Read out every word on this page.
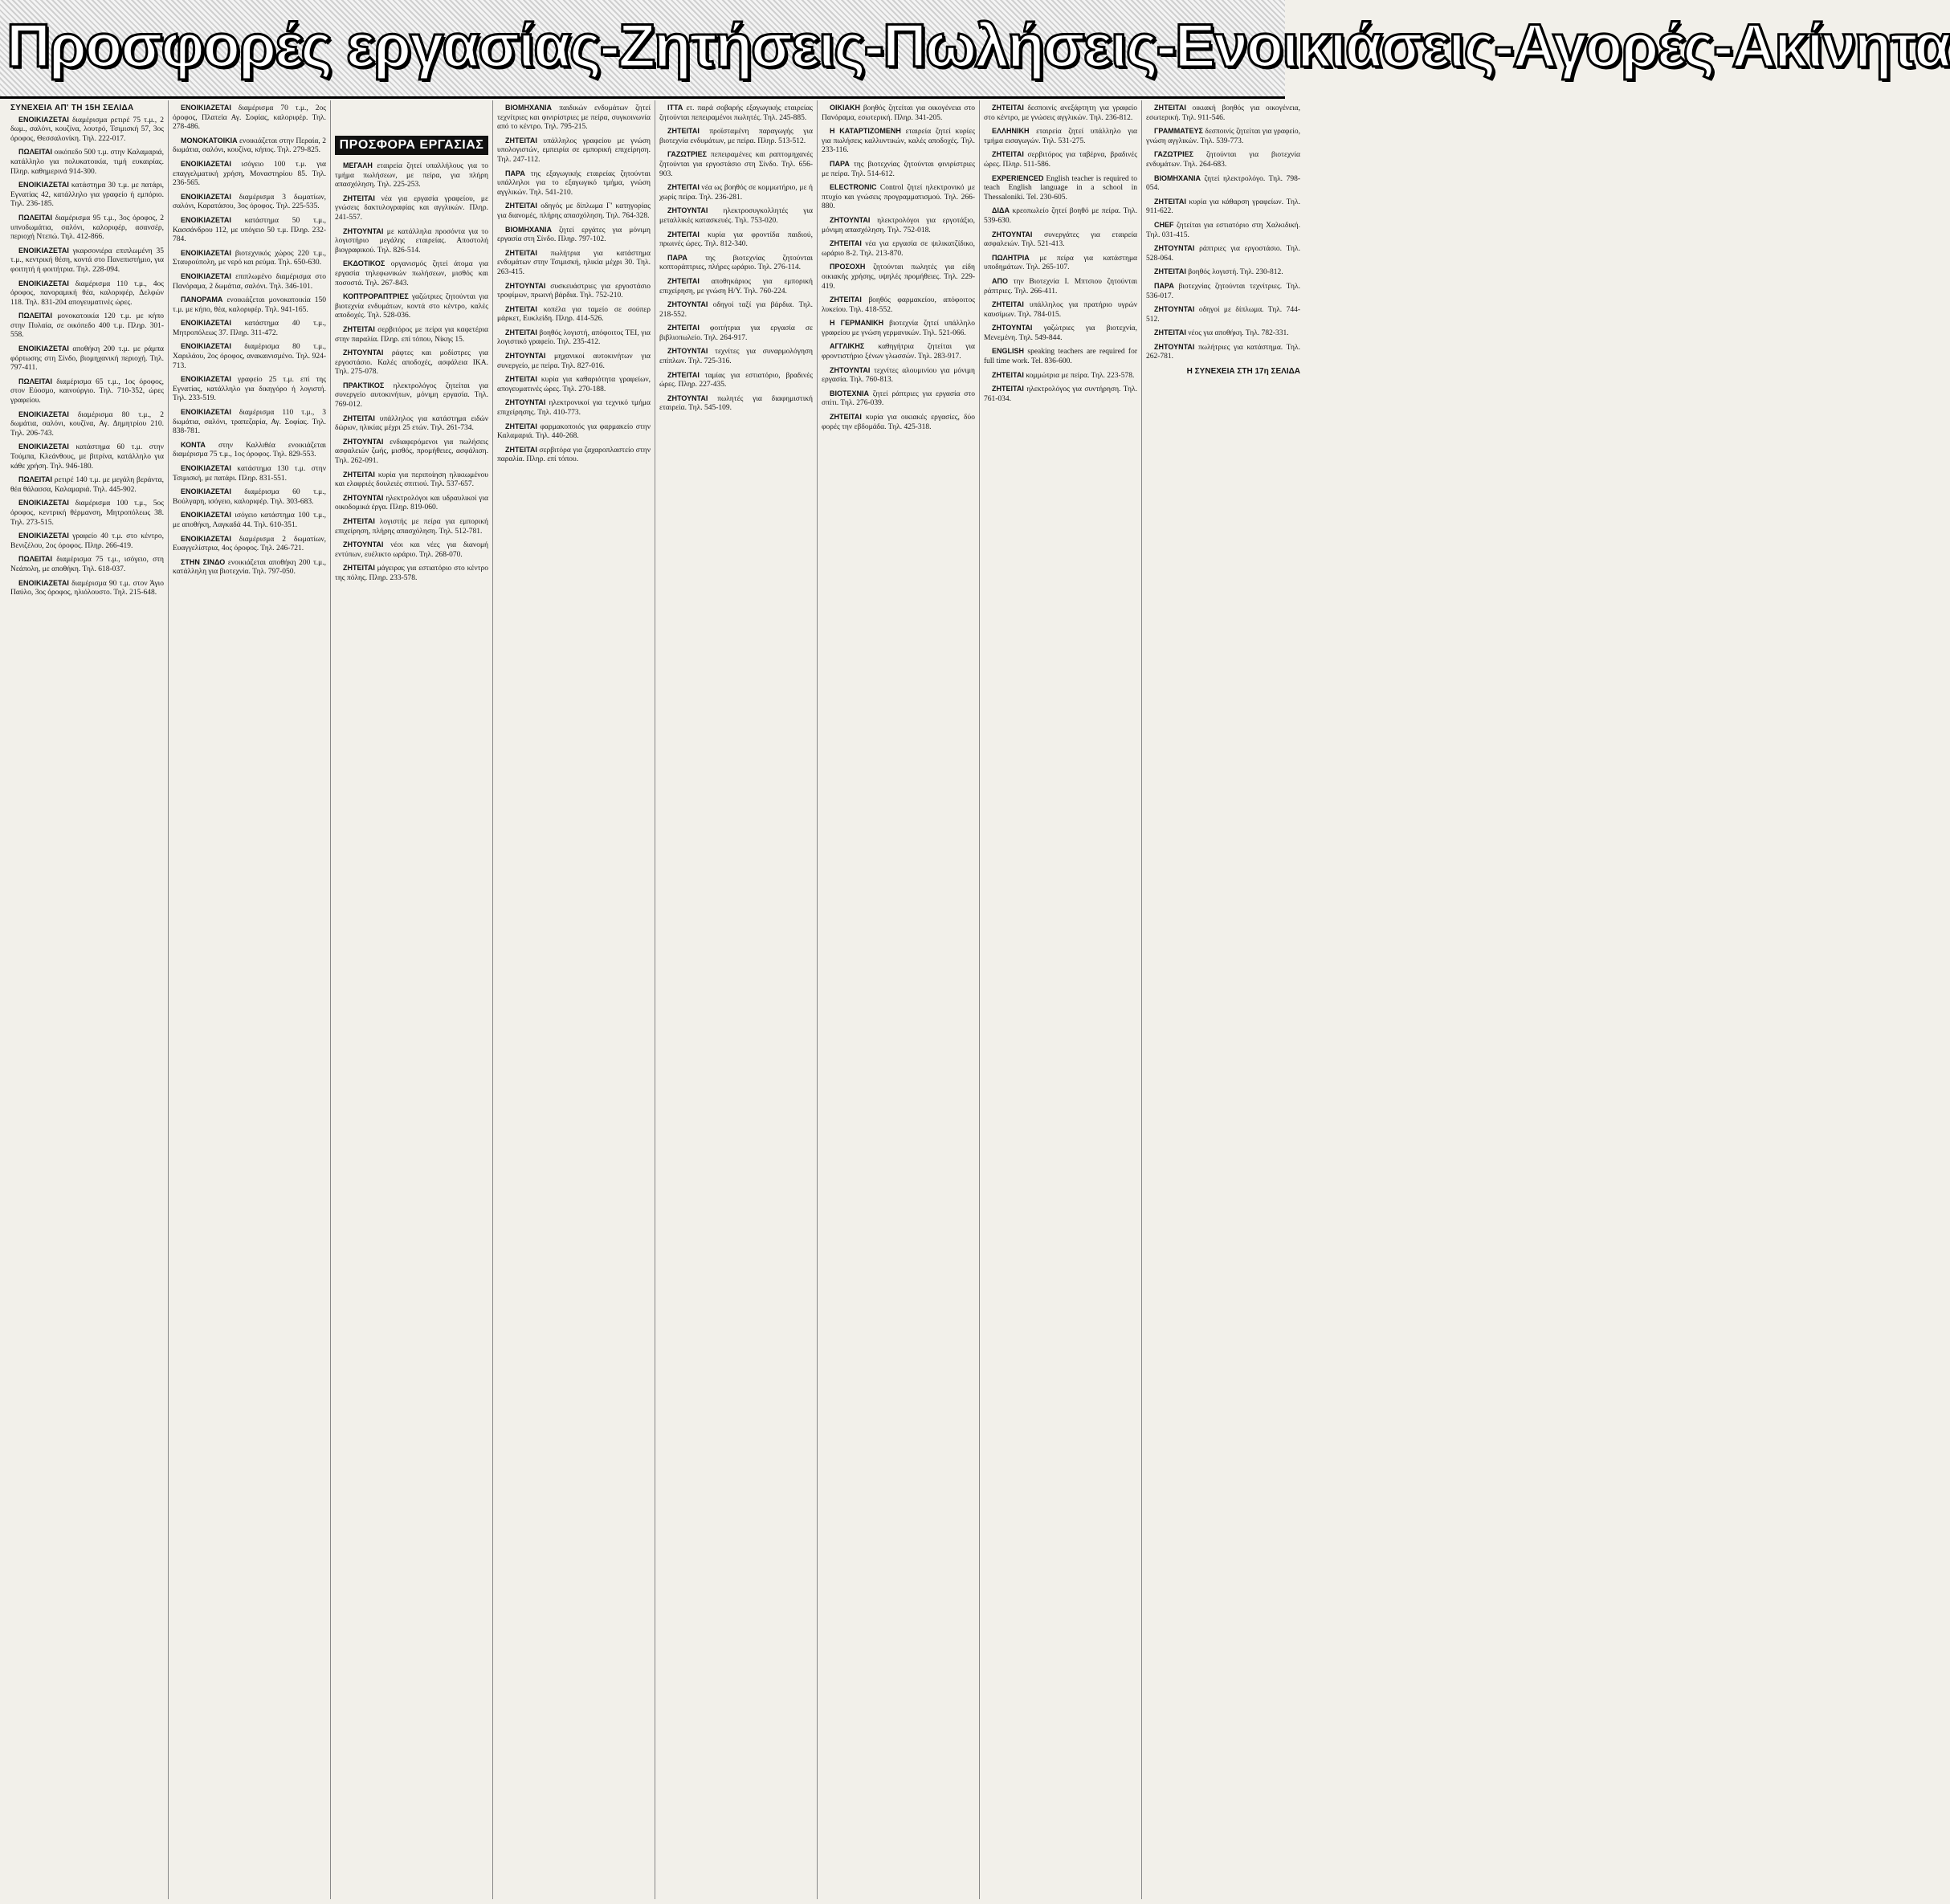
Προσφορές εργασίας-Ζητήσεις-Πωλήσεις-Ενοικιάσεις-Αγορές-Ακίνητα
ΣΥΝΕΧΕΙΑ ΑΠ' ΤΗ 15Η ΣΕΛΙΔΑ

ΕΝΟΙΚΙΑΖΕΤΑΙ διαμέρισμα ρετιρέ 75 τ.μ., 2 δωμ., σαλόνι, κουζίνα, λουτρό, Τσιμισκή 57, 3ος όροφος, Θεσσαλονίκη. Τηλ. 222-017.

ΠΩΛΕΙΤΑΙ οικόπεδο 500 τ.μ. στην Καλαμαριά, κατάλληλο για πολυκατοικία, τιμή ευκαιρίας. Πληρ. καθημερινά 914-300.

ΕΝΟΙΚΙΑΖΕΤΑΙ κατάστημα 30 τ.μ. με πατάρι, Εγνατίας 42, κατάλληλο για γραφείο ή εμπόριο. Τηλ. 236-185.

ΠΩΛΕΙΤΑΙ διαμέρισμα 95 τ.μ., 3ος όροφος, 2 υπνοδωμάτια, σαλόνι, καλοριφέρ, ασανσέρ, περιοχή Ντεπώ. Τηλ. 412-866.

ΕΝΟΙΚΙΑΖΕΤΑΙ γκαρσονιέρα επιπλωμένη 35 τ.μ., κεντρική θέση, κοντά στο Πανεπιστήμιο, για φοιτητή ή φοιτήτρια. Τηλ. 228-094.

ΕΝΟΙΚΙΑΖΕΤΑΙ διαμέρισμα 110 τ.μ., 4ος όροφος, πανοραμική θέα, καλοριφέρ, Δελφών 118. Τηλ. 831-204 απογευματινές ώρες.

ΠΩΛΕΙΤΑΙ μονοκατοικία 120 τ.μ. με κήπο στην Πυλαία, σε οικόπεδο 400 τ.μ. Πληρ. 301-558.

ΕΝΟΙΚΙΑΖΕΤΑΙ αποθήκη 200 τ.μ. με ράμπα φόρτωσης στη Σίνδο, βιομηχανική περιοχή. Τηλ. 797-411.

ΠΩΛΕΙΤΑΙ διαμέρισμα 65 τ.μ., 1ος όροφος, στον Εύοσμο, καινούργιο. Τηλ. 710-352, ώρες γραφείου.

ΕΝΟΙΚΙΑΖΕΤΑΙ διαμέρισμα 80 τ.μ., 2 δωμάτια, σαλόνι, κουζίνα, Αγ. Δημητρίου 210. Τηλ. 206-743.

ΕΝΟΙΚΙΑΖΕΤΑΙ κατάστημα 60 τ.μ. στην Τούμπα, Κλεάνθους, με βιτρίνα, κατάλληλο για κάθε χρήση. Τηλ. 946-180.

ΠΩΛΕΙΤΑΙ ρετιρέ 140 τ.μ. με μεγάλη βεράντα, θέα θάλασσα, Καλαμαριά. Τηλ. 445-902.

ΕΝΟΙΚΙΑΖΕΤΑΙ διαμέρισμα 100 τ.μ., 5ος όροφος, κεντρική θέρμανση, Μητροπόλεως 38. Τηλ. 273-515.

ΕΝΟΙΚΙΑΖΕΤΑΙ γραφείο 40 τ.μ. στο κέντρο, Βενιζέλου, 2ος όροφος. Πληρ. 266-419.

ΠΩΛΕΙΤΑΙ διαμέρισμα 75 τ.μ., ισόγειο, στη Νεάπολη, με αποθήκη. Τηλ. 618-037.

ΕΝΟΙΚΙΑΖΕΤΑΙ διαμέρισμα 90 τ.μ. στον Άγιο Παύλο, 3ος όροφος, ηλιόλουστο. Τηλ. 215-648.

ΕΝΟΙΚΙΑΖΕΤΑΙ διαμέρισμα 70 τ.μ., 2ος όροφος, Πλατεία Αγ. Σοφίας, καλοριφέρ. Τηλ. 278-486.

ΜΟΝΟΚΑΤΟΙΚΙΑ ενοικιάζεται στην Περαία, 2 δωμάτια, σαλόνι, κουζίνα, κήπος. Τηλ. 279-825.

ΕΝΟΙΚΙΑΖΕΤΑΙ ισόγειο 100 τ.μ. για επαγγελματική χρήση, Μοναστηρίου 85. Τηλ. 236-565.

ΕΝΟΙΚΙΑΖΕΤΑΙ διαμέρισμα 3 δωματίων, σαλόνι, Καρατάσου, 3ος όροφος. Τηλ. 225-535.

ΕΝΟΙΚΙΑΖΕΤΑΙ κατάστημα 50 τ.μ., Κασσάνδρου 112, με υπόγειο 50 τ.μ. Πληρ. 232-784.

ΕΝΟΙΚΙΑΖΕΤΑΙ βιοτεχνικός χώρος 220 τ.μ., Σταυρούπολη, με νερό και ρεύμα. Τηλ. 650-630.

ΕΝΟΙΚΙΑΖΕΤΑΙ επιπλωμένο διαμέρισμα στο Πανόραμα, 2 δωμάτια, σαλόνι. Τηλ. 346-101.

ΠΑΝΟΡΑΜΑ ενοικιάζεται μονοκατοικία 150 τ.μ. με κήπο, θέα, καλοριφέρ. Τηλ. 941-165.

ΕΝΟΙΚΙΑΖΕΤΑΙ κατάστημα 40 τ.μ., Μητροπόλεως 37. Πληρ. 311-472.

ΕΝΟΙΚΙΑΖΕΤΑΙ διαμέρισμα 80 τ.μ., Χαριλάου, 2ος όροφος, ανακαινισμένο. Τηλ. 924-713.

ΕΝΟΙΚΙΑΖΕΤΑΙ γραφείο 25 τ.μ. επί της Εγνατίας, κατάλληλο για δικηγόρο ή λογιστή. Τηλ. 233-519.

ΕΝΟΙΚΙΑΖΕΤΑΙ διαμέρισμα 110 τ.μ., 3 δωμάτια, σαλόνι, τραπεζαρία, Αγ. Σοφίας. Τηλ. 838-781.

ΚΟΝΤΑ στην Καλλιθέα ενοικιάζεται διαμέρισμα 75 τ.μ., 1ος όροφος. Τηλ. 829-553.

ΕΝΟΙΚΙΑΖΕΤΑΙ κατάστημα 130 τ.μ. στην Τσιμισκή, με πατάρι. Πληρ. 831-551.

ΕΝΟΙΚΙΑΖΕΤΑΙ διαμέρισμα 60 τ.μ., Βούλγαρη, ισόγειο, καλοριφέρ. Τηλ. 303-683.

ΕΝΟΙΚΙΑΖΕΤΑΙ ισόγειο κατάστημα 100 τ.μ., με αποθήκη, Λαγκαδά 44. Τηλ. 610-351.

ΕΝΟΙΚΙΑΖΕΤΑΙ διαμέρισμα 2 δωματίων, Ευαγγελίστρια, 4ος όροφος. Τηλ. 246-721.

ΣΤΗΝ ΣΙΝΔΟ ενοικιάζεται αποθήκη 200 τ.μ., κατάλληλη για βιοτεχνία. Τηλ. 797-050.

ΠΡΟΣΦΟΡΑ ΕΡΓΑΣΙΑΣ

ΜΕΓΑΛΗ εταιρεία ζητεί υπαλλήλους για το τμήμα πωλήσεων, με πείρα, για πλήρη απασχόληση. Τηλ. 225-253.

ΖΗΤΕΙΤΑΙ νέα για εργασία γραφείου, με γνώσεις δακτυλογραφίας και αγγλικών. Πληρ. 241-557.

ΖΗΤΟΥΝΤΑΙ με κατάλληλα προσόντα για το λογιστήριο μεγάλης εταιρείας. Αποστολή βιογραφικού. Τηλ. 826-514.

ΕΚΔΟΤΙΚΟΣ οργανισμός ζητεί άτομα για εργασία τηλεφωνικών πωλήσεων, μισθός και ποσοστά. Τηλ. 267-843.

ΚΟΠΤΡΟΡΑΠΤΡΙΕΣ γαζώτριες ζητούνται για βιοτεχνία ενδυμάτων, κοντά στο κέντρο, καλές αποδοχές. Τηλ. 528-036.

ΖΗΤΕΙΤΑΙ σερβιτόρος με πείρα για καφετέρια στην παραλία. Πληρ. επί τόπου, Νίκης 15.

ΖΗΤΟΥΝΤΑΙ ράφτες και μοδίστρες για εργοστάσιο. Καλές αποδοχές, ασφάλεια ΙΚΑ. Τηλ. 275-078.

ΠΡΑΚΤΙΚΟΣ ηλεκτρολόγος ζητείται για συνεργείο αυτοκινήτων, μόνιμη εργασία. Τηλ. 769-012.

ΖΗΤΕΙΤΑΙ υπάλληλος για κατάστημα ειδών δώρων, ηλικίας μέχρι 25 ετών. Τηλ. 261-734.

ΖΗΤΟΥΝΤΑΙ ενδιαφερόμενοι για πωλήσεις ασφαλειών ζωής, μισθός, προμήθειες, ασφάλιση. Τηλ. 262-091.

ΖΗΤΕΙΤΑΙ κυρία για περιποίηση ηλικιωμένου και ελαφριές δουλειές σπιτιού. Τηλ. 537-657.

ΖΗΤΟΥΝΤΑΙ ηλεκτρολόγοι και υδραυλικοί για οικοδομικά έργα. Πληρ. 819-060.

ΖΗΤΕΙΤΑΙ λογιστής με πείρα για εμπορική επιχείρηση, πλήρης απασχόληση. Τηλ. 512-781.

ΖΗΤΟΥΝΤΑΙ νέοι και νέες για διανομή εντύπων, ευέλικτο ωράριο. Τηλ. 268-070.

ΖΗΤΕΙΤΑΙ μάγειρας για εστιατόριο στο κέντρο της πόλης. Πληρ. 233-578.

ΒΙΟΜΗΧΑΝΙΑ παιδικών ενδυμάτων ζητεί τεχνίτριες και φινιρίστριες με πείρα, συγκοινωνία από το κέντρο. Τηλ. 795-215.

ΖΗΤΕΙΤΑΙ υπάλληλος γραφείου με γνώση υπολογιστών, εμπειρία σε εμπορική επιχείρηση. Τηλ. 247-112.

ΠΑΡΑ της εξαγωγικής εταιρείας ζητούνται υπάλληλοι για το εξαγωγικό τμήμα, γνώση αγγλικών. Τηλ. 541-210.

ΖΗΤΕΙΤΑΙ οδηγός με δίπλωμα Γ' κατηγορίας για διανομές, πλήρης απασχόληση. Τηλ. 764-328.

ΒΙΟΜΗΧΑΝΙΑ ζητεί εργάτες για μόνιμη εργασία στη Σίνδο. Πληρ. 797-102.

ΖΗΤΕΙΤΑΙ πωλήτρια για κατάστημα ενδυμάτων στην Τσιμισκή, ηλικία μέχρι 30. Τηλ. 263-415.

ΖΗΤΟΥΝΤΑΙ συσκευάστριες για εργοστάσιο τροφίμων, πρωινή βάρδια. Τηλ. 752-210.

ΖΗΤΕΙΤΑΙ κοπέλα για ταμείο σε σούπερ μάρκετ, Ευκλείδη. Πληρ. 414-526.

ΖΗΤΕΙΤΑΙ βοηθός λογιστή, απόφοιτος ΤΕΙ, για λογιστικό γραφείο. Τηλ. 235-412.

ΖΗΤΟΥΝΤΑΙ μηχανικοί αυτοκινήτων για συνεργείο, με πείρα. Τηλ. 827-016.

ΖΗΤΕΙΤΑΙ κυρία για καθαριότητα γραφείων, απογευματινές ώρες. Τηλ. 270-188.

ΖΗΤΟΥΝΤΑΙ ηλεκτρονικοί για τεχνικό τμήμα επιχείρησης. Τηλ. 410-773.

ΖΗΤΕΙΤΑΙ φαρμακοποιός για φαρμακείο στην Καλαμαριά. Τηλ. 440-268.

ΖΗΤΕΙΤΑΙ σερβιτόρα για ζαχαροπλαστείο στην παραλία. Πληρ. επί τόπου.

ΙΤΤΑ ετ. παρά σοβαρής εξαγωγικής εταιρείας ζητούνται πεπειραμένοι πωλητές. Τηλ. 245-885.

ΖΗΤΕΙΤΑΙ προϊσταμένη παραγωγής για βιοτεχνία ενδυμάτων, με πείρα. Πληρ. 513-512.

ΓΑΖΩΤΡΙΕΣ πεπειραμένες και ραπτομηχανές ζητούνται για εργοστάσιο στη Σίνδο. Τηλ. 656-903.

ΖΗΤΕΙΤΑΙ νέα ως βοηθός σε κομμωτήριο, με ή χωρίς πείρα. Τηλ. 236-281.

ΖΗΤΟΥΝΤΑΙ ηλεκτροσυγκολλητές για μεταλλικές κατασκευές. Τηλ. 753-020.

ΖΗΤΕΙΤΑΙ κυρία για φροντίδα παιδιού, πρωινές ώρες. Τηλ. 812-340.

ΠΑΡΑ της βιοτεχνίας ζητούνται κοπτοράπτριες, πλήρες ωράριο. Τηλ. 276-114.

ΖΗΤΕΙΤΑΙ αποθηκάριος για εμπορική επιχείρηση, με γνώση Η/Υ. Τηλ. 760-224.

ΖΗΤΟΥΝΤΑΙ οδηγοί ταξί για βάρδια. Τηλ. 218-552.

ΖΗΤΕΙΤΑΙ φοιτήτρια για εργασία σε βιβλιοπωλείο. Τηλ. 264-917.

ΖΗΤΟΥΝΤΑΙ τεχνίτες για συναρμολόγηση επίπλων. Τηλ. 725-316.

ΖΗΤΕΙΤΑΙ ταμίας για εστιατόριο, βραδινές ώρες. Πληρ. 227-435.

ΖΗΤΟΥΝΤΑΙ πωλητές για διαφημιστική εταιρεία. Τηλ. 545-109.

ΟΙΚΙΑΚΗ βοηθός ζητείται για οικογένεια στο Πανόραμα, εσωτερική. Πληρ. 341-205.

Η ΚΑΤΑΡΤΙΖΟΜΕΝΗ εταιρεία ζητεί κυρίες για πωλήσεις καλλυντικών, καλές αποδοχές. Τηλ. 233-116.

ΠΑΡΑ της βιοτεχνίας ζητούνται φινιρίστριες με πείρα. Τηλ. 514-612.

ELECTRONIC Control ζητεί ηλεκτρονικό με πτυχίο και γνώσεις προγραμματισμού. Τηλ. 266-880.

ΖΗΤΟΥΝΤΑΙ ηλεκτρολόγοι για εργοτάξιο, μόνιμη απασχόληση. Τηλ. 752-018.

ΖΗΤΕΙΤΑΙ νέα για εργασία σε ψιλικατζίδικο, ωράριο 8-2. Τηλ. 213-870.

ΠΡΟΣΟΧΗ ζητούνται πωλητές για είδη οικιακής χρήσης, υψηλές προμήθειες. Τηλ. 229-419.

ΖΗΤΕΙΤΑΙ βοηθός φαρμακείου, απόφοιτος λυκείου. Τηλ. 418-552.

Η ΓΕΡΜΑΝΙΚΗ βιοτεχνία ζητεί υπάλληλο γραφείου με γνώση γερμανικών. Τηλ. 521-066.

ΑΓΓΛΙΚΗΣ καθηγήτρια ζητείται για φροντιστήριο ξένων γλωσσών. Τηλ. 283-917.

ΖΗΤΟΥΝΤΑΙ τεχνίτες αλουμινίου για μόνιμη εργασία. Τηλ. 760-813.

ΒΙΟΤΕΧΝΙΑ ζητεί ράπτριες για εργασία στο σπίτι. Τηλ. 276-039.

ΖΗΤΕΙΤΑΙ κυρία για οικιακές εργασίες, δύο φορές την εβδομάδα. Τηλ. 425-318.

ΖΗΤΕΙΤΑΙ δεσποινίς ανεξάρτητη για γραφείο στο κέντρο, με γνώσεις αγγλικών. Τηλ. 236-812.

ΕΛΛΗΝΙΚΗ εταιρεία ζητεί υπάλληλο για τμήμα εισαγωγών. Τηλ. 531-275.

ΖΗΤΕΙΤΑΙ σερβιτόρος για ταβέρνα, βραδινές ώρες. Πληρ. 511-586.

EXPERIENCED English teacher is required to teach English language in a school in Thessaloniki. Tel. 230-605.

ΔΙΔΑ κρεοπωλείο ζητεί βοηθό με πείρα. Τηλ. 539-630.

ΖΗΤΟΥΝΤΑΙ συνεργάτες για εταιρεία ασφαλειών. Τηλ. 521-413.

ΠΩΛΗΤΡΙΑ με πείρα για κατάστημα υποδημάτων. Τηλ. 265-107.

ΑΠΟ την Βιοτεχνία Ι. Μπτσιου ζητούνται ράπτριες. Τηλ. 266-411.

ΖΗΤΕΙΤΑΙ υπάλληλος για πρατήριο υγρών καυσίμων. Τηλ. 784-015.

ΖΗΤΟΥΝΤΑΙ γαζώτριες για βιοτεχνία, Μενεμένη. Τηλ. 549-844.

ENGLISH speaking teachers are required for full time work. Tel. 836-600.

ΖΗΤΕΙΤΑΙ κομμώτρια με πείρα. Τηλ. 223-578.

ΖΗΤΕΙΤΑΙ ηλεκτρολόγος για συντήρηση. Τηλ. 761-034.

ΖΗΤΕΙΤΑΙ οικιακή βοηθός για οικογένεια, εσωτερική. Τηλ. 911-546.

ΓΡΑΜΜΑΤΕΥΣ δεσποινίς ζητείται για γραφείο, γνώση αγγλικών. Τηλ. 539-773.

ΓΑΖΩΤΡΙΕΣ ζητούνται για βιοτεχνία ενδυμάτων. Τηλ. 264-683.

ΒΙΟΜΗΧΑΝΙΑ ζητεί ηλεκτρολόγο. Τηλ. 798-054.

ΖΗΤΕΙΤΑΙ κυρία για κάθαρση γραφείων. Τηλ. 911-622.

CHEF ζητείται για εστιατόριο στη Χαλκιδική. Τηλ. 031-415.

ΖΗΤΟΥΝΤΑΙ ράπτριες για εργοστάσιο. Τηλ. 528-064.

ΖΗΤΕΙΤΑΙ βοηθός λογιστή. Τηλ. 230-812.

ΠΑΡΑ βιοτεχνίας ζητούνται τεχνίτριες. Τηλ. 536-017.

ΖΗΤΟΥΝΤΑΙ οδηγοί με δίπλωμα. Τηλ. 744-512.

ΖΗΤΕΙΤΑΙ νέος για αποθήκη. Τηλ. 782-331.

ΖΗΤΟΥΝΤΑΙ πωλήτριες για κατάστημα. Τηλ. 262-781.

Η ΣΥΝΕΧΕΙΑ ΣΤΗ 17η ΣΕΛΙΔΑ
